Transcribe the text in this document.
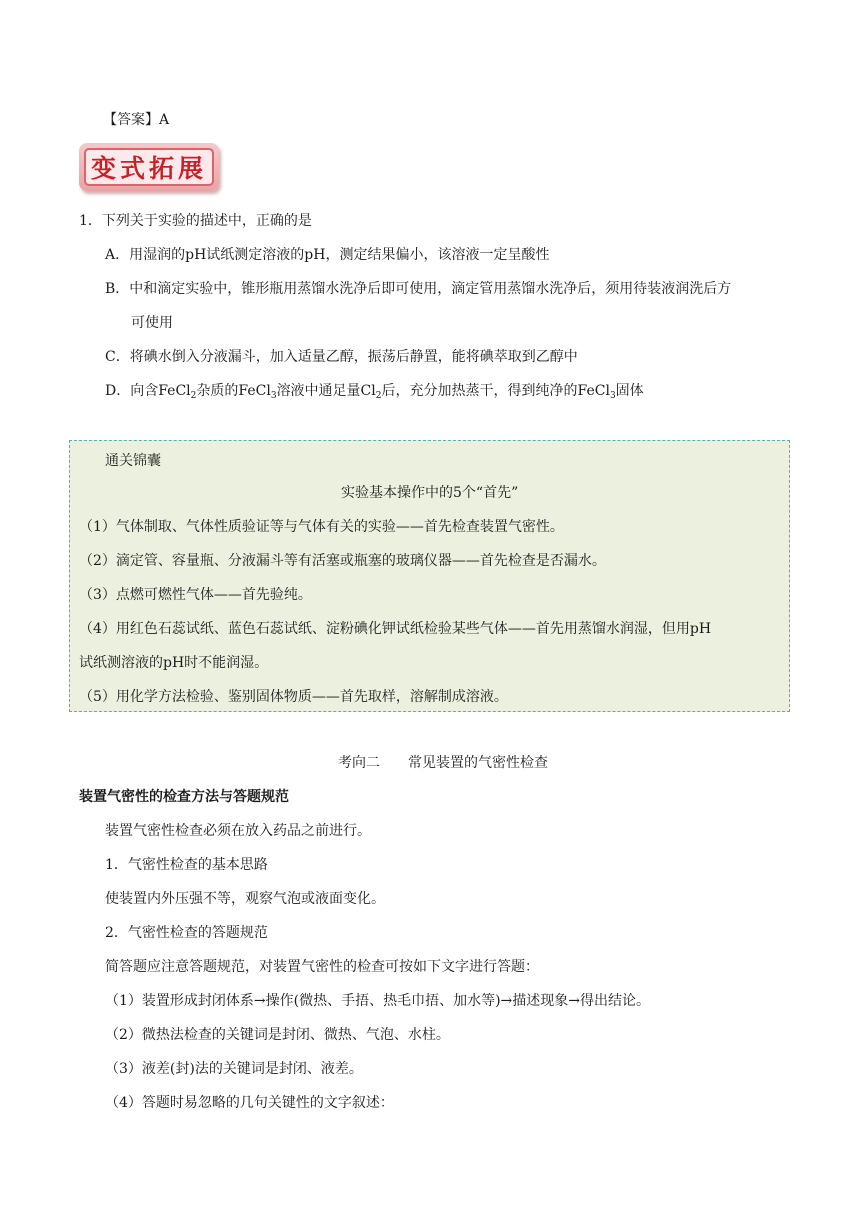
【答案】A
变式拓展
1．下列关于实验的描述中，正确的是
A．用湿润的pH试纸测定溶液的pH，测定结果偏小，该溶液一定呈酸性
B．中和滴定实验中，锥形瓶用蒸馏水洗净后即可使用，滴定管用蒸馏水洗净后，须用待装液润洗后方
可使用
C．将碘水倒入分液漏斗，加入适量乙醇，振荡后静置，能将碘萃取到乙醇中
D．向含FeCl$_2$杂质的FeCl$_3$溶液中通足量$Cl_2$后，充分加热蒸干，得到纯净的FeCl$_3$固体
通关锦囊
实验基本操作中的5个“首先”
（1）气体制取、气体性质验证等与气体有关的实验——首先检查装置气密性。
（2）滴定管、容量瓶、分液漏斗等有活塞或瓶塞的玻璃仪器——首先检查是否漏水。
（3）点燃可燃性气体——首先验纯。
（4）用红色石蕊试纸、蓝色石蕊试纸、淀粉碘化钾试纸检验某些气体——首先用蒸馏水润湿，但用pH
试纸测溶液的pH时不能润湿。
（5）用化学方法检验、鉴别固体物质——首先取样，溶解制成溶液。
考向二　　常见装置的气密性检查
装置气密性的检查方法与答题规范
装置气密性检查必须在放入药品之前进行。
1．气密性检查的基本思路
使装置内外压强不等，观察气泡或液面变化。
2．气密性检查的答题规范
简答题应注意答题规范，对装置气密性的检查可按如下文字进行答题：
（1）装置形成封闭体系→操作(微热、手捂、热毛巾捂、加水等)→描述现象→得出结论。
（2）微热法检查的关键词是封闭、微热、气泡、水柱。
（3）液差(封)法的关键词是封闭、液差。
（4）答题时易忽略的几句关键性的文字叙述：
